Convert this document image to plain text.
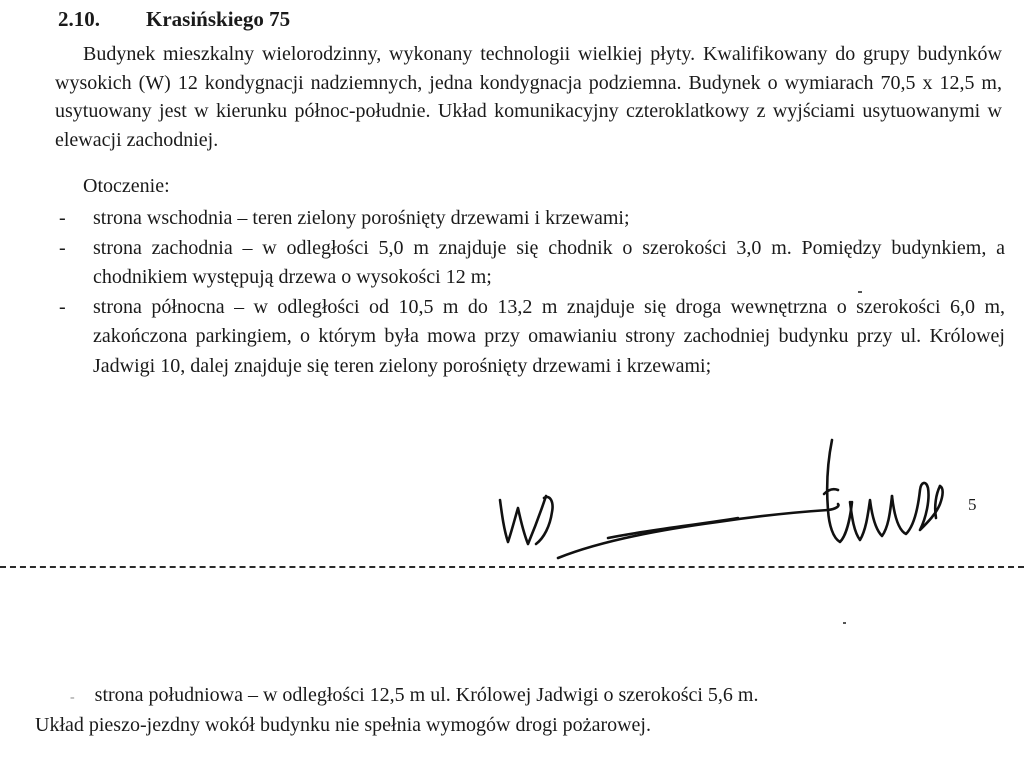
2.10. Krasińskiego 75
Budynek mieszkalny wielorodzinny, wykonany technologii wielkiej płyty. Kwalifikowany do grupy budynków wysokich (W) 12 kondygnacji nadziemnych, jedna kondygnacja podziemna. Budynek o wymiarach 70,5 x 12,5 m, usytuowany jest w kierunku północ-południe. Układ komunikacyjny czteroklatkowy z wyjściami usytuowanymi w elewacji zachodniej.
Otoczenie:
- strona wschodnia – teren zielony porośnięty drzewami i krzewami;
- strona zachodnia – w odległości 5,0 m znajduje się chodnik o szerokości 3,0 m. Pomiędzy budynkiem, a chodnikiem występują drzewa o wysokości 12 m;
- strona północna – w odległości od 10,5 m do 13,2 m znajduje się droga wewnętrzna o szerokości 6,0 m, zakończona parkingiem, o którym była mowa przy omawianiu strony zachodniej budynku przy ul. Królowej Jadwigi 10, dalej znajduje się teren zielony porośnięty drzewami i krzewami;
5
- strona południowa – w odległości 12,5 m ul. Królowej Jadwigi o szerokości 5,6 m.
Układ pieszo-jezdny wokół budynku nie spełnia wymogów drogi pożarowej.
